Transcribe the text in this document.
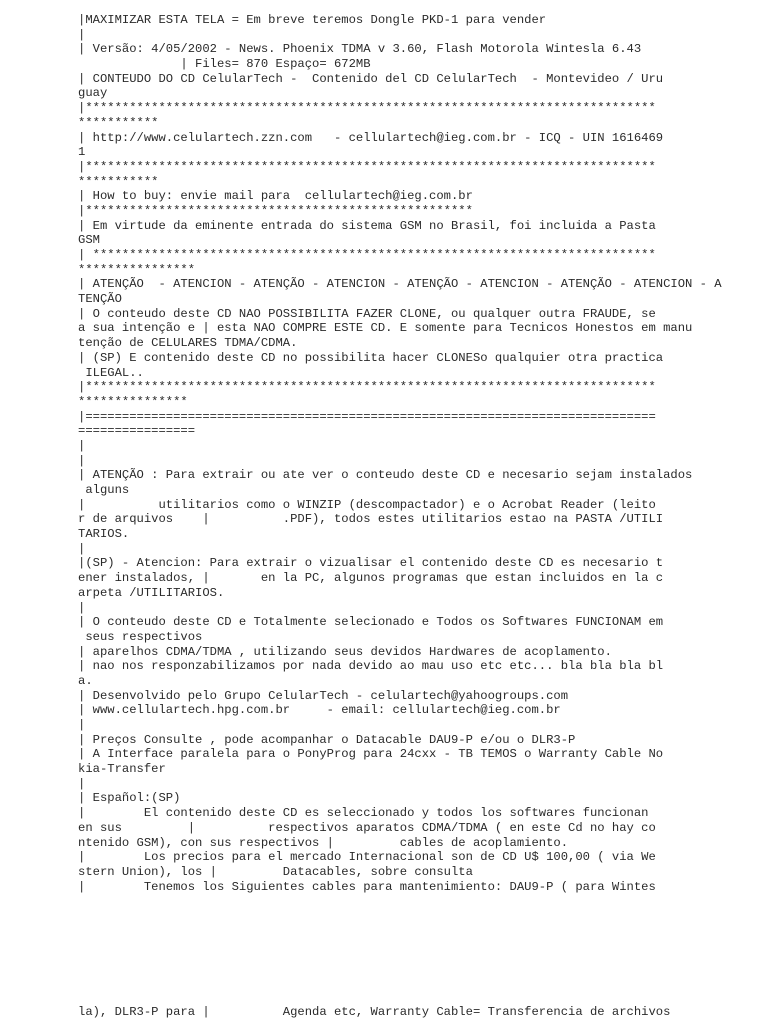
|MAXIMIZAR ESTA TELA = Em breve teremos Dongle PKD-1 para vender
|
| Versão: 4/05/2002 - News. Phoenix TDMA v 3.60, Flash Motorola Wintesla 6.43
| Files= 870 Espaço= 672MB
| CONTEUDO DO CD CelularTech -  Contenido del CD CelularTech  - Montevideo / Uru
guay
|******************************************************************************
***********
| http://www.celulartech.zzn.com   - cellulartech@ieg.com.br - ICQ - UIN 1616469
1
|******************************************************************************
***********
| How to buy: envie mail para  cellulartech@ieg.com.br
|*****************************************************
| Em virtude da eminente entrada do sistema GSM no Brasil, foi incluida a Pasta
GSM
| *****************************************************************************
****************
| ATENÇÃO  - ATENCION - ATENÇÃO - ATENCION - ATENÇÃO - ATENCION - ATENÇÃO - ATENCION - A
TENÇÃO
| O conteudo deste CD NAO POSSIBILITA FAZER CLONE, ou qualquer outra FRAUDE, se
a sua intenção e | esta NAO COMPRE ESTE CD. E somente para Tecnicos Honestos em manu
tenção de CELULARES TDMA/CDMA.
| (SP) E contenido deste CD no possibilita hacer CLONESo qualquier otra practica
ILEGAL..
|******************************************************************************
***************
|==============================================================================
================
|
|
| ATENÇÃO : Para extrair ou ate ver o conteudo deste CD e necesario sejam instalados
alguns
|          utilitarios como o WINZIP (descompactador) e o Acrobat Reader (leito
r de arquivos    |          .PDF), todos estes utilitarios estao na PASTA /UTILI
TARIOS.
|
|(SP) - Atencion: Para extrair o vizualisar el contenido deste CD es necesario t
ener instalados, |       en la PC, algunos programas que estan incluidos en la c
arpeta /UTILITARIOS.
|
| O conteudo deste CD e Totalmente selecionado e Todos os Softwares FUNCIONAM em
seus respectivos
| aparelhos CDMA/TDMA , utilizando seus devidos Hardwares de acoplamento.
| nao nos responzabilizamos por nada devido ao mau uso etc etc... bla bla bla bl
a.
| Desenvolvido pelo Grupo CelularTech - celulartech@yahoogroups.com
| www.cellulartech.hpg.com.br     - email: cellulartech@ieg.com.br
|
| Preços Consulte , pode acompanhar o Datacable DAU9-P e/ou o DLR3-P
| A Interface paralela para o PonyProg para 24cxx - TB TEMOS o Warranty Cable No
kia-Transfer
|
| Español:(SP)
|        El contenido deste CD es seleccionado y todos los softwares funcionan
en sus         |          respectivos aparatos CDMA/TDMA ( en este Cd no hay co
ntenido GSM), con sus respectivos |         cables de acoplamiento.
|        Los precios para el mercado Internacional son de CD U$ 100,00 ( via We
stern Union), los |         Datacables, sobre consulta
|        Tenemos los Siguientes cables para mantenimiento: DAU9-P ( para Wintes
la), DLR3-P para |          Agenda etc, Warranty Cable= Transferencia de archivos
